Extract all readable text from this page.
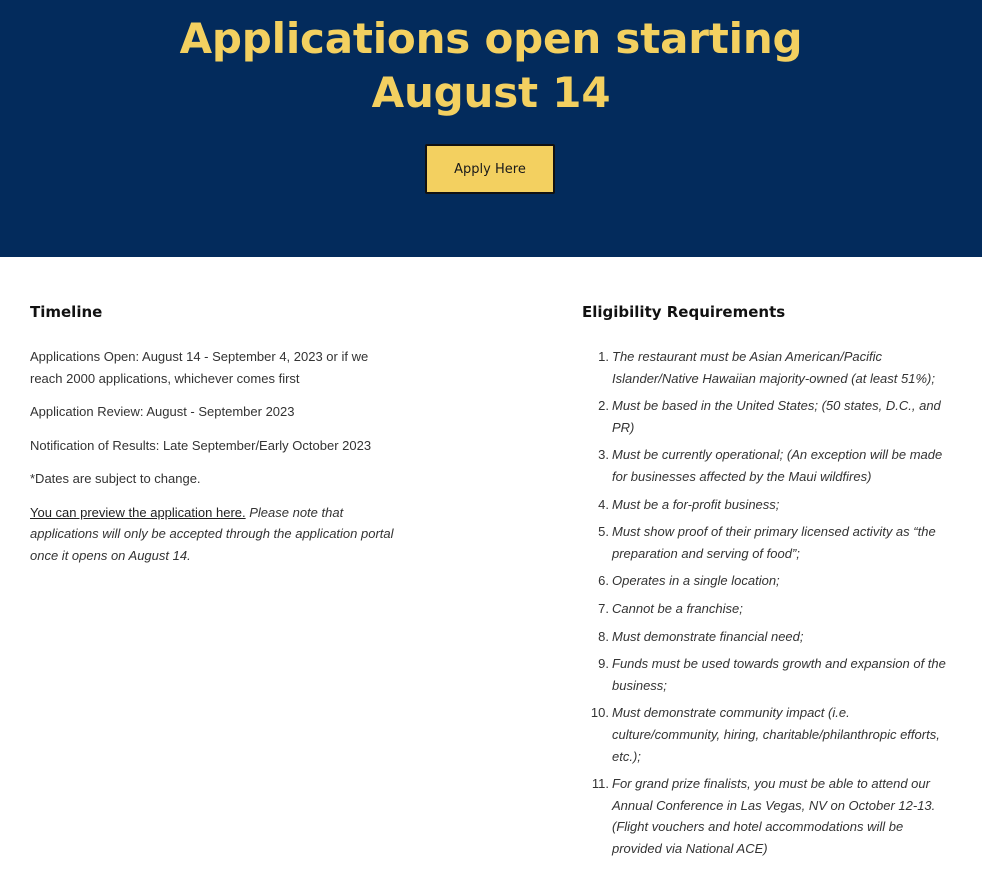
Applications open starting
August 14
Apply Here
Timeline

Applications Open: August 14 - September 4, 2023 or if we reach 2000 applications, whichever comes first

Application Review: August - September 2023

Notification of Results: Late September/Early October 2023

*Dates are subject to change.

You can preview the application here. Please note that applications will only be accepted through the application portal once it opens on August 14.

Eligibility Requirements
1. The restaurant must be Asian American/Pacific Islander/Native Hawaiian majority-owned (at least 51%);
2. Must be based in the United States; (50 states, D.C., and PR)
3. Must be currently operational; (An exception will be made for businesses affected by the Maui wildfires)
4. Must be a for-profit business;
5. Must show proof of their primary licensed activity as “the preparation and serving of food”;
6. Operates in a single location;
7. Cannot be a franchise;
8. Must demonstrate financial need;
9. Funds must be used towards growth and expansion of the business;
10. Must demonstrate community impact (i.e. culture/community, hiring, charitable/philanthropic efforts, etc.);
11. For grand prize finalists, you must be able to attend our Annual Conference in Las Vegas, NV on October 12-13. (Flight vouchers and hotel accommodations will be provided via National ACE)
